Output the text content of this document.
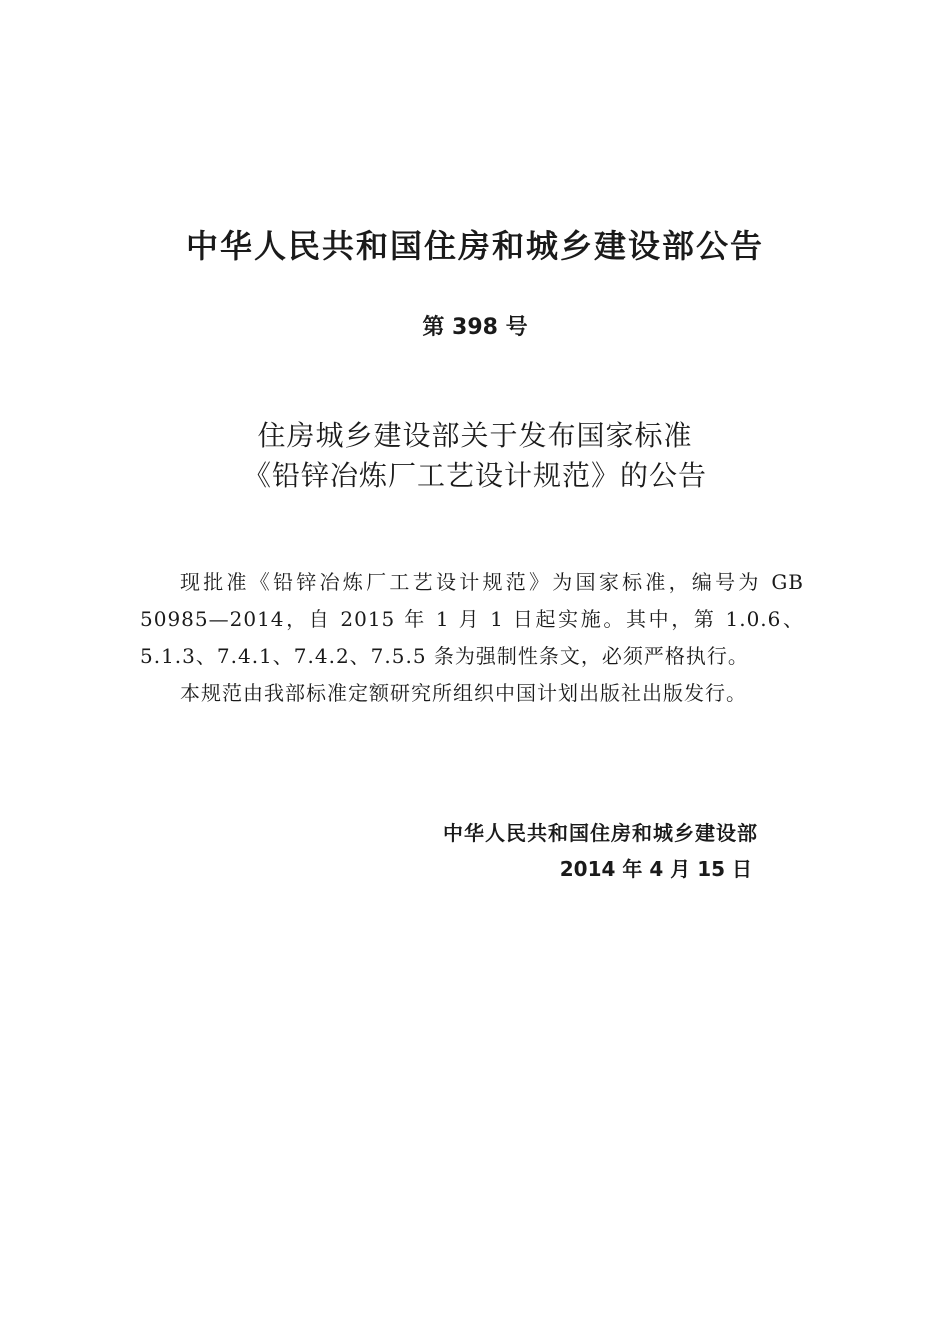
中华人民共和国住房和城乡建设部公告
第 398 号
住房城乡建设部关于发布国家标准
《铅锌冶炼厂工艺设计规范》的公告

现批准《铅锌冶炼厂工艺设计规范》为国家标准，编号为 GB 50985—2014，自 2015 年 1 月 1 日起实施。其中，第 1.0.6、5.1.3、7.4.1、7.4.2、7.5.5 条为强制性条文，必须严格执行。

本规范由我部标准定额研究所组织中国计划出版社出版发行。

中华人民共和国住房和城乡建设部
2014 年 4 月 15 日
